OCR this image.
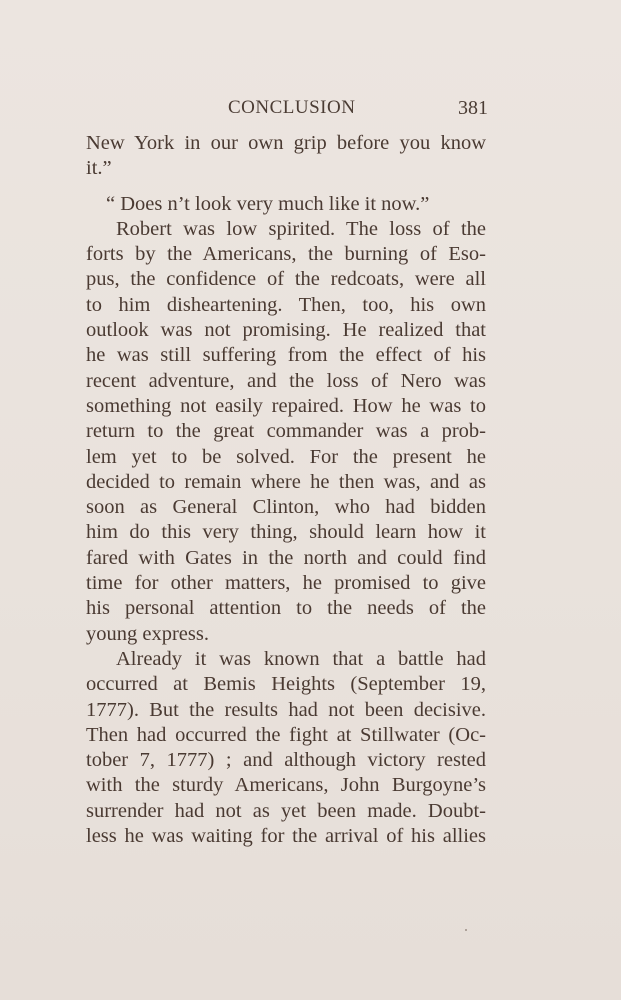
CONCLUSION	381
New York in our own grip before you know
it.”
“ Does n’t look very much like it now.”
Robert was low spirited. The loss of the
forts by the Americans, the burning of Eso-
pus, the confidence of the redcoats, were all
to him disheartening. Then, too, his own
outlook was not promising. He realized that
he was still suffering from the effect of his
recent adventure, and the loss of Nero was
something not easily repaired. How he was to
return to the great commander was a prob-
lem yet to be solved. For the present he
decided to remain where he then was, and as
soon as General Clinton, who had bidden
him do this very thing, should learn how it
fared with Gates in the north and could find
time for other matters, he promised to give
his personal attention to the needs of the
young express.
Already it was known that a battle had
occurred at Bemis Heights (September 19,
1777). But the results had not been decisive.
Then had occurred the fight at Stillwater (Oc-
tober 7, 1777) ; and although victory rested
with the sturdy Americans, John Burgoyne’s
surrender had not as yet been made. Doubt-
less he was waiting for the arrival of his allies
